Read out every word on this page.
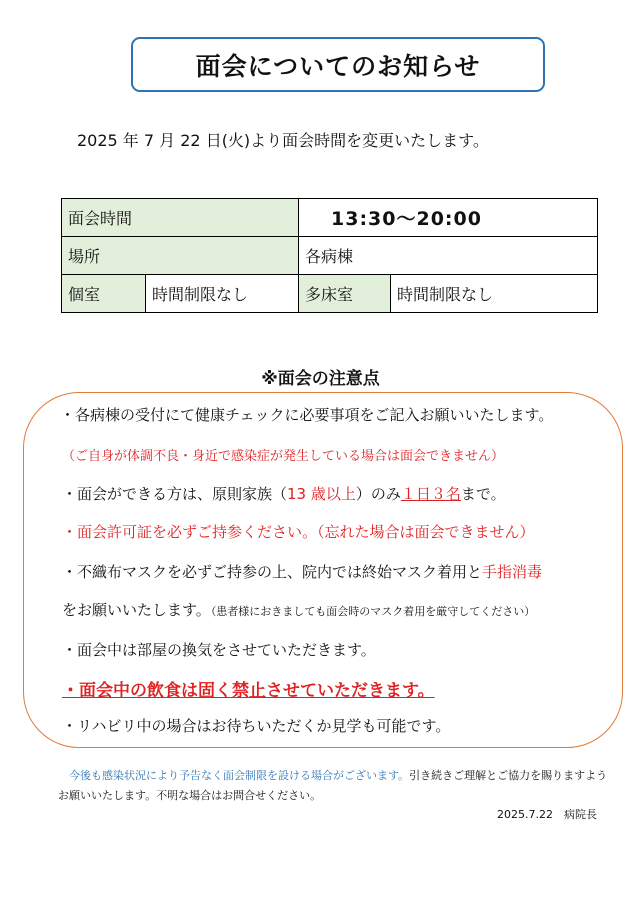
面会についてのお知らせ
2025 年 7 月 22 日(火)より面会時間を変更いたします。
面会時間		13:30～20:00	
場所		各病棟	
個室	時間制限なし	多床室	時間制限なし
※面会の注意点
・各病棟の受付にて健康チェックに必要事項をご記入お願いいたします。
（ご自身が体調不良・身近で感染症が発生している場合は面会できません）
・面会ができる方は、原則家族（13 歳以上）のみ１日３名まで。
・面会許可証を必ずご持参ください。（忘れた場合は面会できません）
・不織布マスクを必ずご持参の上、院内では終始マスク着用と手指消毒
をお願いいたします。（患者様におきましても面会時のマスク着用を厳守してください）
・面会中は部屋の換気をさせていただきます。
・面会中の飲食は固く禁止させていただきます。
・リハビリ中の場合はお待ちいただくか見学も可能です。
　今後も感染状況により予告なく面会制限を設ける場合がございます。引き続きご理解とご協力を賜りますようお願いいたします。不明な場合はお問合せください。
2025.7.22　病院長
